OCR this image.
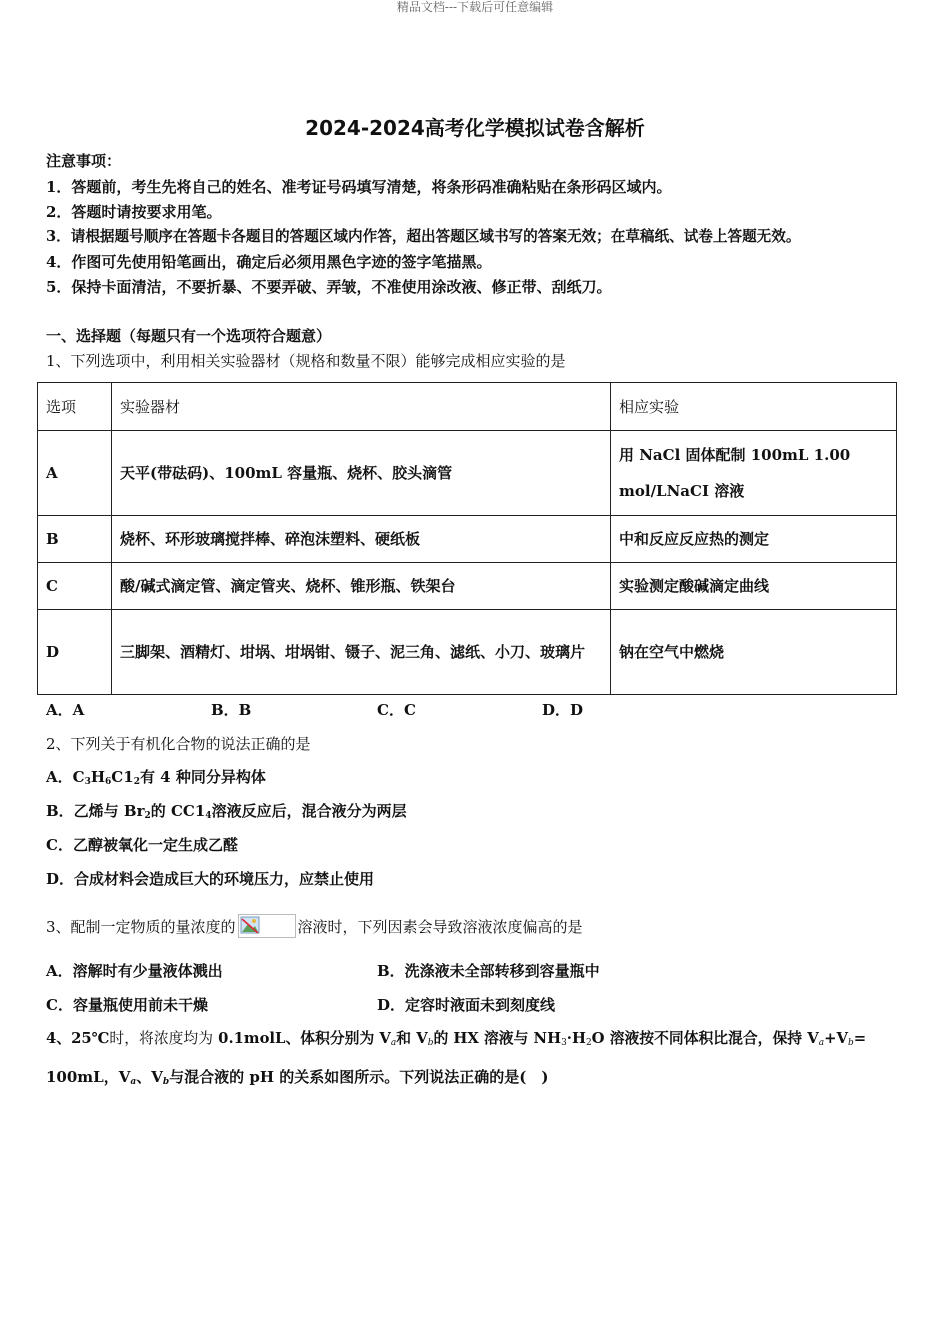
精品文档---下载后可任意编辑
2024-2024高考化学模拟试卷含解析
注意事项：
1．答题前，考生先将自己的姓名、准考证号码填写清楚，将条形码准确粘贴在条形码区域内。
2．答题时请按要求用笔。
3．请根据题号顺序在答题卡各题目的答题区域内作答，超出答题区域书写的答案无效；在草稿纸、试卷上答题无效。
4．作图可先使用铅笔画出，确定后必须用黑色字迹的签字笔描黑。
5．保持卡面清洁，不要折暴、不要弄破、弄皱，不准使用涂改液、修正带、刮纸刀。
一、选择题（每题只有一个选项符合题意）
1、下列选项中，利用相关实验器材（规格和数量不限）能够完成相应实验的是
选项	实验器材	相应实验
A	天平(带砝码)、100mL 容量瓶、烧杯、胶头滴管	用 NaCl 固体配制 100mL 1.00 mol/LNaCI 溶液
B	烧杯、环形玻璃搅拌棒、碎泡沫塑料、硬纸板	中和反应反应热的测定
C	酸/碱式滴定管、滴定管夹、烧杯、锥形瓶、铁架台	实验测定酸碱滴定曲线
D	三脚架、酒精灯、坩埚、坩埚钳、镊子、泥三角、滤纸、小刀、玻璃片	钠在空气中燃烧
A．A	B．B	C．C	D．D
2、下列关于有机化合物的说法正确的是
A．$C_3H_6C1_2$有 4 种同分异构体
B．乙烯与 $Br_2$的 $CC1_4$溶液反应后，混合液分为两层
C．乙醇被氧化一定生成乙醛
D．合成材料会造成巨大的环境压力，应禁止使用
3、配制一定物质的量浓度的	溶液时，下列因素会导致溶液浓度偏高的是
A．溶解时有少量液体溅出	B．洗涤液未全部转移到容量瓶中
C．容量瓶使用前未干燥	D．定容时液面未到刻度线
4、25℃时，将浓度均为 0.1molL、体积分别为 $V_a$和 $V_b$的 HX 溶液与 $NH_3\cdot H_2O$ 溶液按不同体积比混合，保持 $V_a+V_b=$
100mL，$V_a$、$V_b$与混合液的 pH 的关系如图所示。下列说法正确的是(　)
